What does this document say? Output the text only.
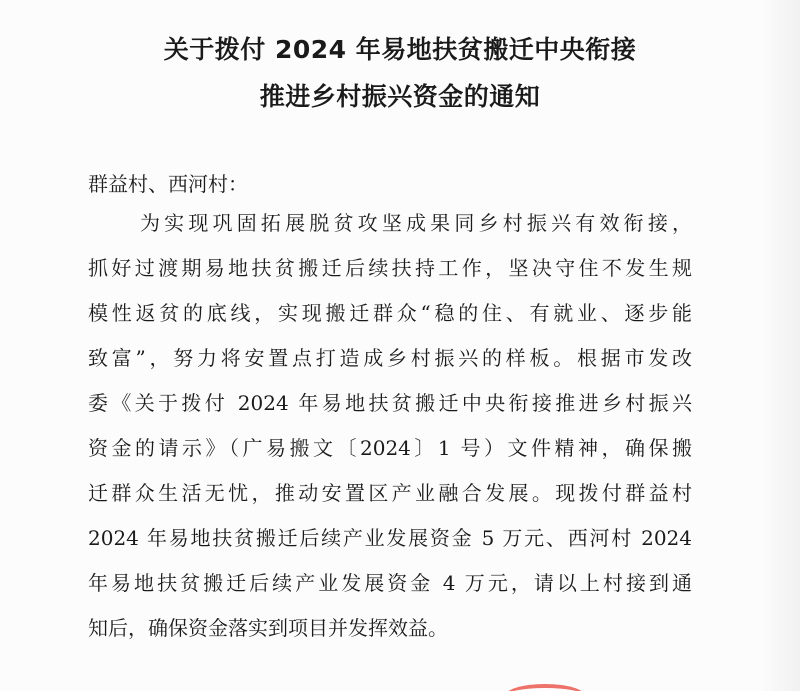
关于拨付 2024 年易地扶贫搬迁中央衔接
推进乡村振兴资金的通知
群益村、西河村：
为实现巩固拓展脱贫攻坚成果同乡村振兴有效衔接，
抓好过渡期易地扶贫搬迁后续扶持工作，坚决守住不发生规
模性返贫的底线，实现搬迁群众“稳的住、有就业、逐步能
致富”，努力将安置点打造成乡村振兴的样板。根据市发改
委《关于拨付 2024 年易地扶贫搬迁中央衔接推进乡村振兴
资金的请示》（广易搬文〔2024〕1 号）文件精神，确保搬
迁群众生活无忧，推动安置区产业融合发展。现拨付群益村
2024 年易地扶贫搬迁后续产业发展资金 5 万元、西河村 2024
年易地扶贫搬迁后续产业发展资金 4 万元，请以上村接到通
知后，确保资金落实到项目并发挥效益。
